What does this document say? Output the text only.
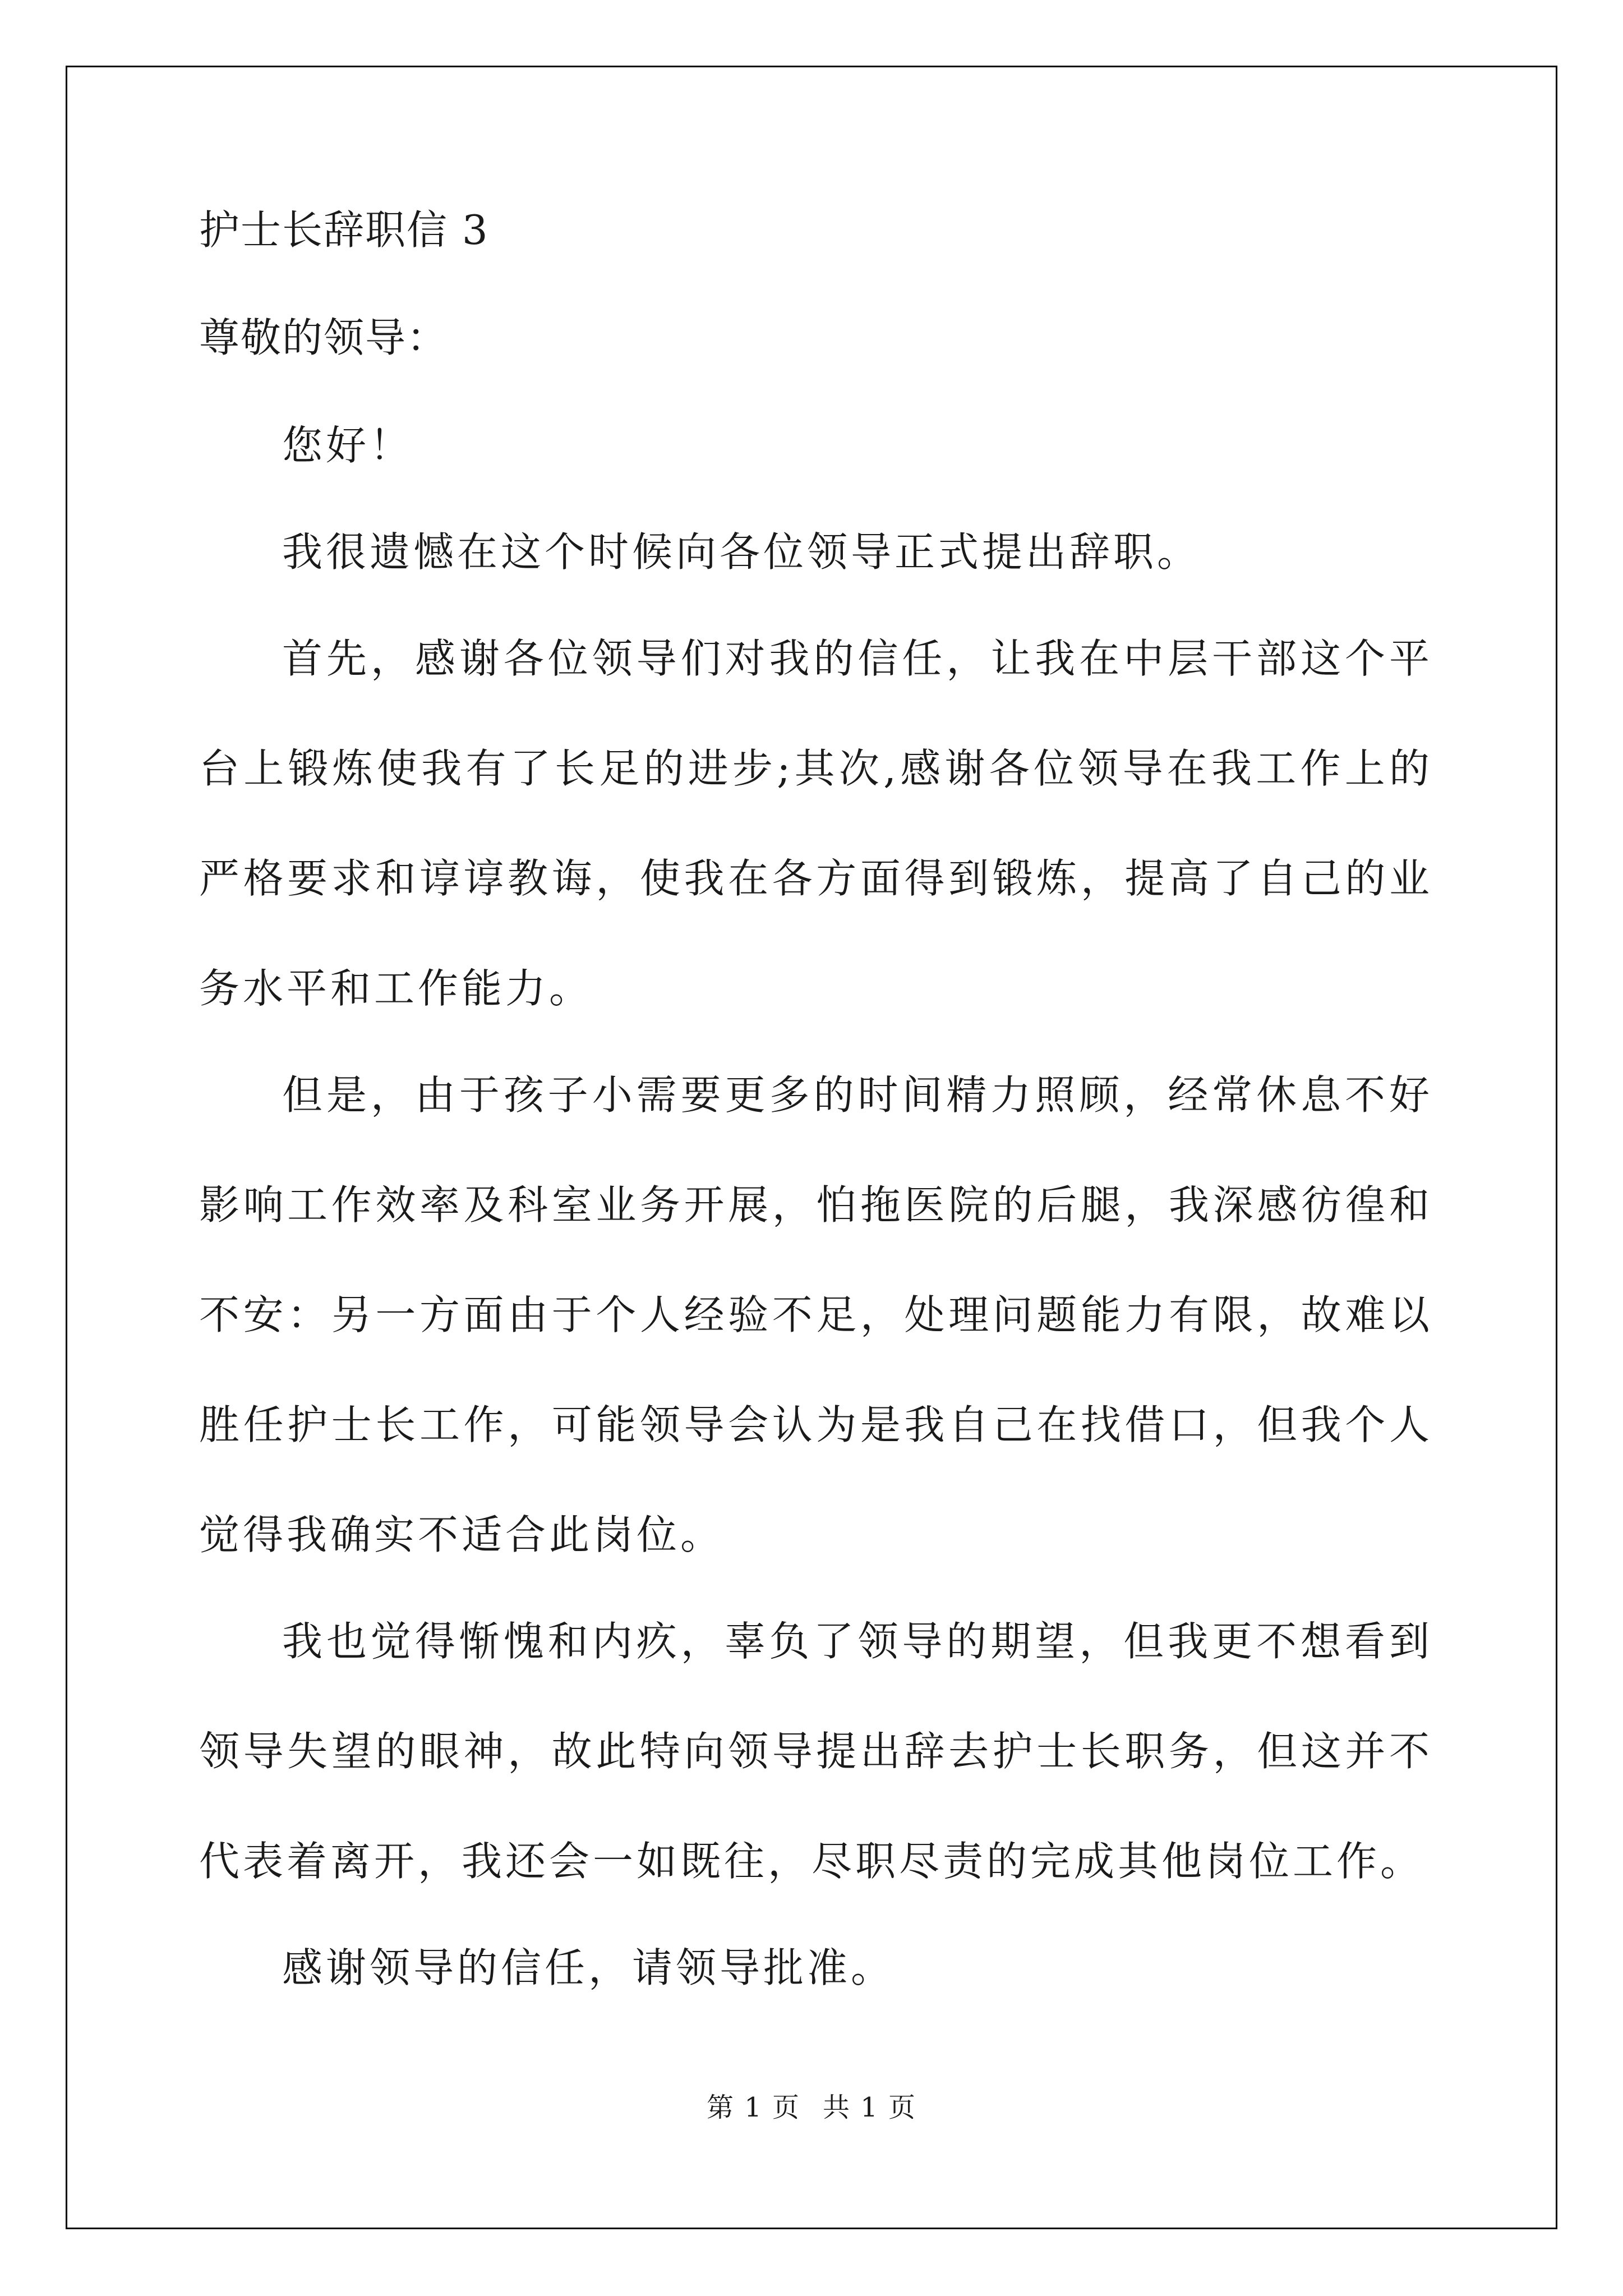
护士长辞职信 3

尊敬的领导：

您好！

我很遗憾在这个时候向各位领导正式提出辞职。

首先，感谢各位领导们对我的信任，让我在中层干部这个平台上锻炼使我有了长足的进步;其次,感谢各位领导在我工作上的严格要求和谆谆教诲，使我在各方面得到锻炼，提高了自己的业务水平和工作能力。

但是，由于孩子小需要更多的时间精力照顾，经常休息不好影响工作效率及科室业务开展，怕拖医院的后腿，我深感彷徨和不安：另一方面由于个人经验不足，处理问题能力有限，故难以胜任护士长工作，可能领导会认为是我自己在找借口，但我个人觉得我确实不适合此岗位。

我也觉得惭愧和内疚，辜负了领导的期望，但我更不想看到领导失望的眼神，故此特向领导提出辞去护士长职务，但这并不代表着离开，我还会一如既往，尽职尽责的完成其他岗位工作。

感谢领导的信任，请领导批准。

第 1 页 共 1 页
